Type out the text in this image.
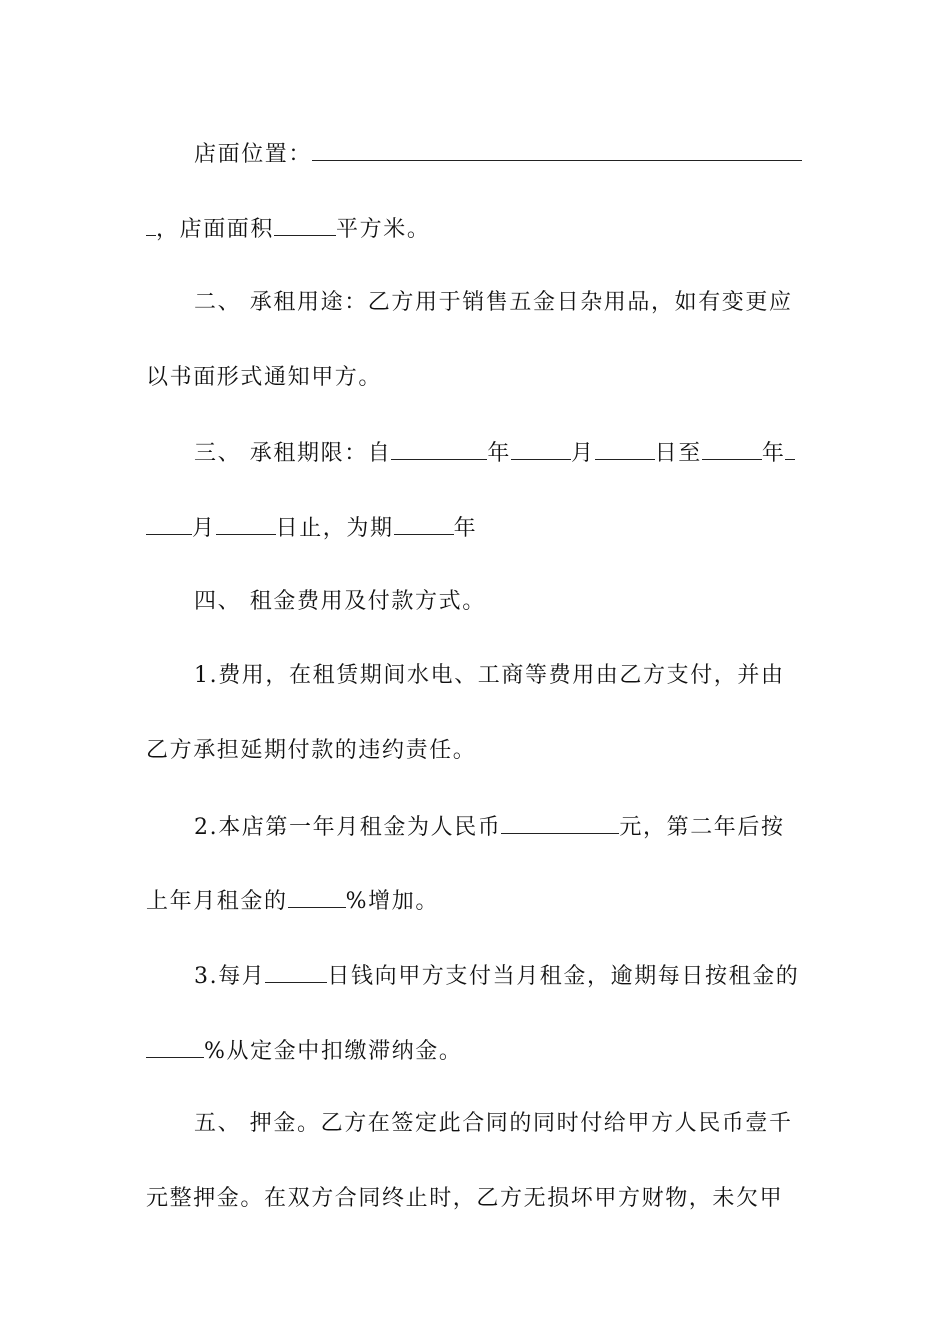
店面位置：
，店面面积	平方米。
二、 承租用途：乙方用于销售五金日杂用品，如有变更应
以书面形式通知甲方。
三、 承租期限：自	年	月	日至	年
月	日止，为期	年
四、 租金费用及付款方式。
1.费用，在租赁期间水电、工商等费用由乙方支付，并由
乙方承担延期付款的违约责任。
2.本店第一年月租金为人民币	元，第二年后按
上年月租金的	%增加。
3.每月	日钱向甲方支付当月租金，逾期每日按租金的
%从定金中扣缴滞纳金。
五、 押金。乙方在签定此合同的同时付给甲方人民币壹千
元整押金。在双方合同终止时，乙方无损坏甲方财物，未欠甲
